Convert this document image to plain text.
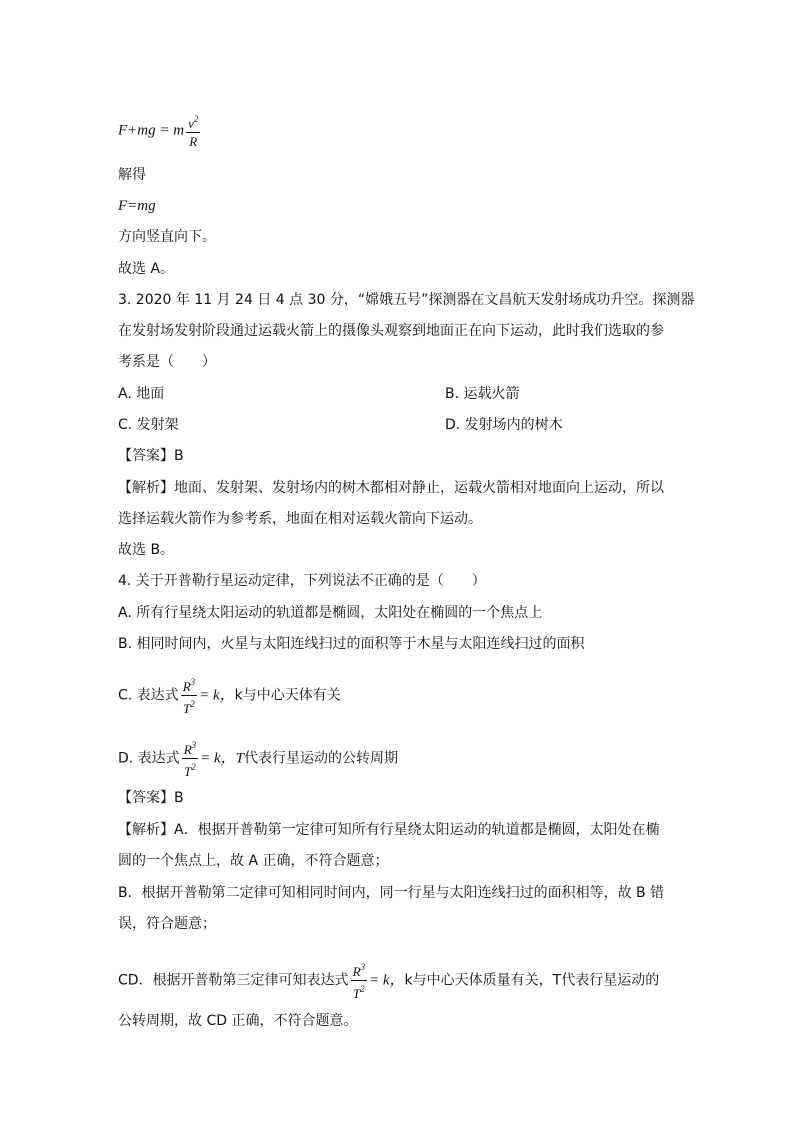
F+mg = m $\frac{v^2}{R}$
解得
F=mg
方向竖直向下。
故选 A。
3. 2020 年 11 月 24 日 4 点 30 分，“嫦娥五号”探测器在文昌航天发射场成功升空。探测器
在发射场发射阶段通过运载火箭上的摄像头观察到地面正在向下运动，此时我们选取的参
考系是（　　）
A. 地面	B. 运载火箭
C. 发射架	D. 发射场内的树木
【答案】B
【解析】地面、发射架、发射场内的树木都相对静止，运载火箭相对地面向上运动，所以
选择运载火箭作为参考系，地面在相对运载火箭向下运动。
故选 B。
4. 关于开普勒行星运动定律，下列说法不正确的是（　　）
A. 所有行星绕太阳运动的轨道都是椭圆，太阳处在椭圆的一个焦点上
B. 相同时间内，火星与太阳连线扫过的面积等于木星与太阳连线扫过的面积
C. 表达式 $\frac{R^3}{T^2} = k$，k与中心天体有关
D. 表达式 $\frac{R^3}{T^2} = k$，T代表行星运动的公转周期
【答案】B
【解析】A．根据开普勒第一定律可知所有行星绕太阳运动的轨道都是椭圆，太阳处在椭
圆的一个焦点上，故 A 正确，不符合题意；
B．根据开普勒第二定律可知相同时间内，同一行星与太阳连线扫过的面积相等，故 B 错
误，符合题意；
CD．根据开普勒第三定律可知表达式 $\frac{R^3}{T^2} = k$，k与中心天体质量有关，T代表行星运动的
公转周期，故 CD 正确，不符合题意。
